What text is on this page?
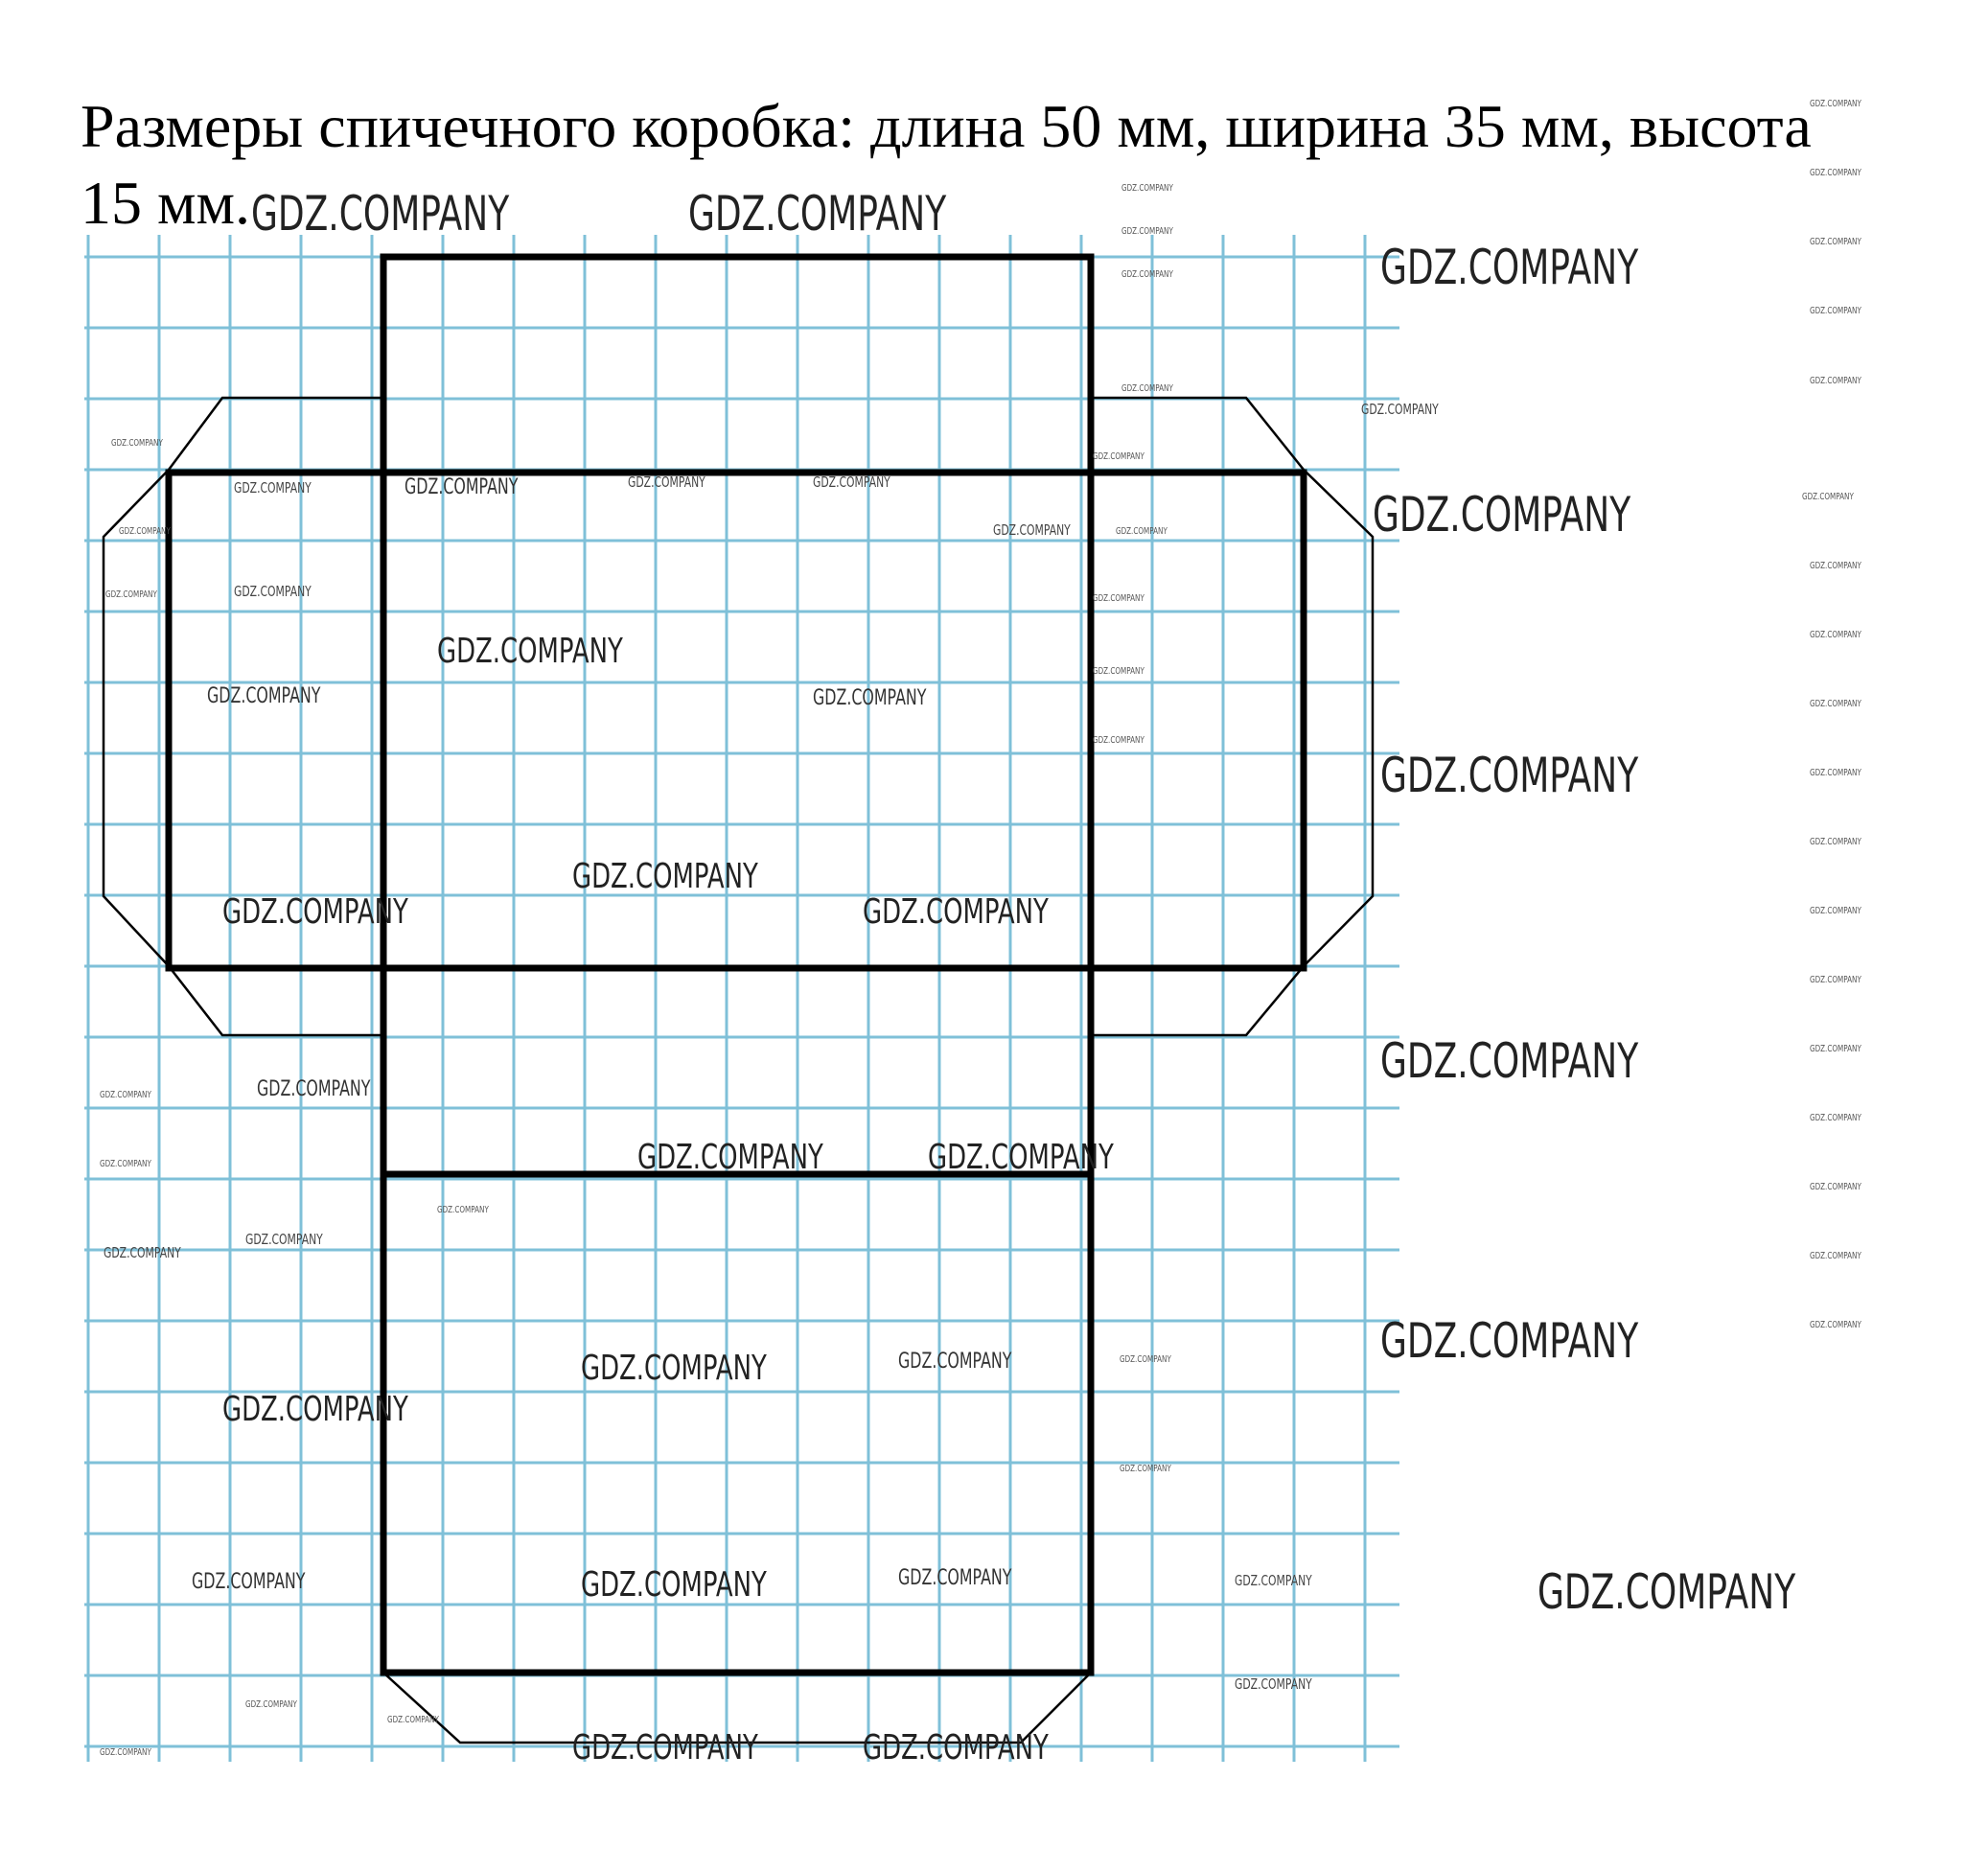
Размеры спичечного коробка: длина 50 мм, ширина 35 мм, высота
15 мм. GDZ.COMPANY	GDZ.COMPANY
GDZ.COMPANY
GDZ.COMPANY
GDZ.COMPANY
GDZ.COMPANY
GDZ.COMPANY
GDZ.COMPANY
GDZ.COMPANY
GDZ.COMPANY
GDZ.COMPANY	GDZ.COMPANY
GDZ.COMPANY	GDZ.COMPANY
GDZ.COMPANY
GDZ.COMPANY
GDZ.COMPANY
GDZ.COMPANY	GDZ.COMPANY
GDZ.COMPANY
GDZ.COMPANY
GDZ.COMPANY
GDZ.COMPANY
GDZ.COMPANY
GDZ.COMPANY	GDZ.COMPANY
GDZ.COMPANY	GDZ.COMPANY
GDZ.COMPANY
GDZ.COMPANY
GDZ.COMPANY
GDZ.COMPANY
GDZ.COMPANY
GDZ.COMPANY
GDZ.COMPANY
GDZ.COMPANY
GDZ.COMPANY
GDZ.COMPANY
GDZ.COMPANY
GDZ.COMPANY
GDZ.COMPANY
GDZ.COMPANY
GDZ.COMPANY
GDZ.COMPANY
GDZ.COMPANY
GDZ.COMPANY
GDZ.COMPANY
GDZ.COMPANY
GDZ.COMPANY
GDZ.COMPANY
GDZ.COMPANY
GDZ.COMPANY
GDZ.COMPANY
GDZ.COMPANY
GDZ.COMPANY
GDZ.COMPANY
GDZ.COMPANY
GDZ.COMPANY
GDZ.COMPANY
GDZ.COMPANY
GDZ.COMPANY
GDZ.COMPANY
GDZ.COMPANY
GDZ.COMPANY
GDZ.COMPANY
GDZ.COMPANY
GDZ.COMPANY
GDZ.COMPANY
GDZ.COMPANY
GDZ.COMPANY
GDZ.COMPANY
GDZ.COMPANY
GDZ.COMPANY
GDZ.COMPANY
